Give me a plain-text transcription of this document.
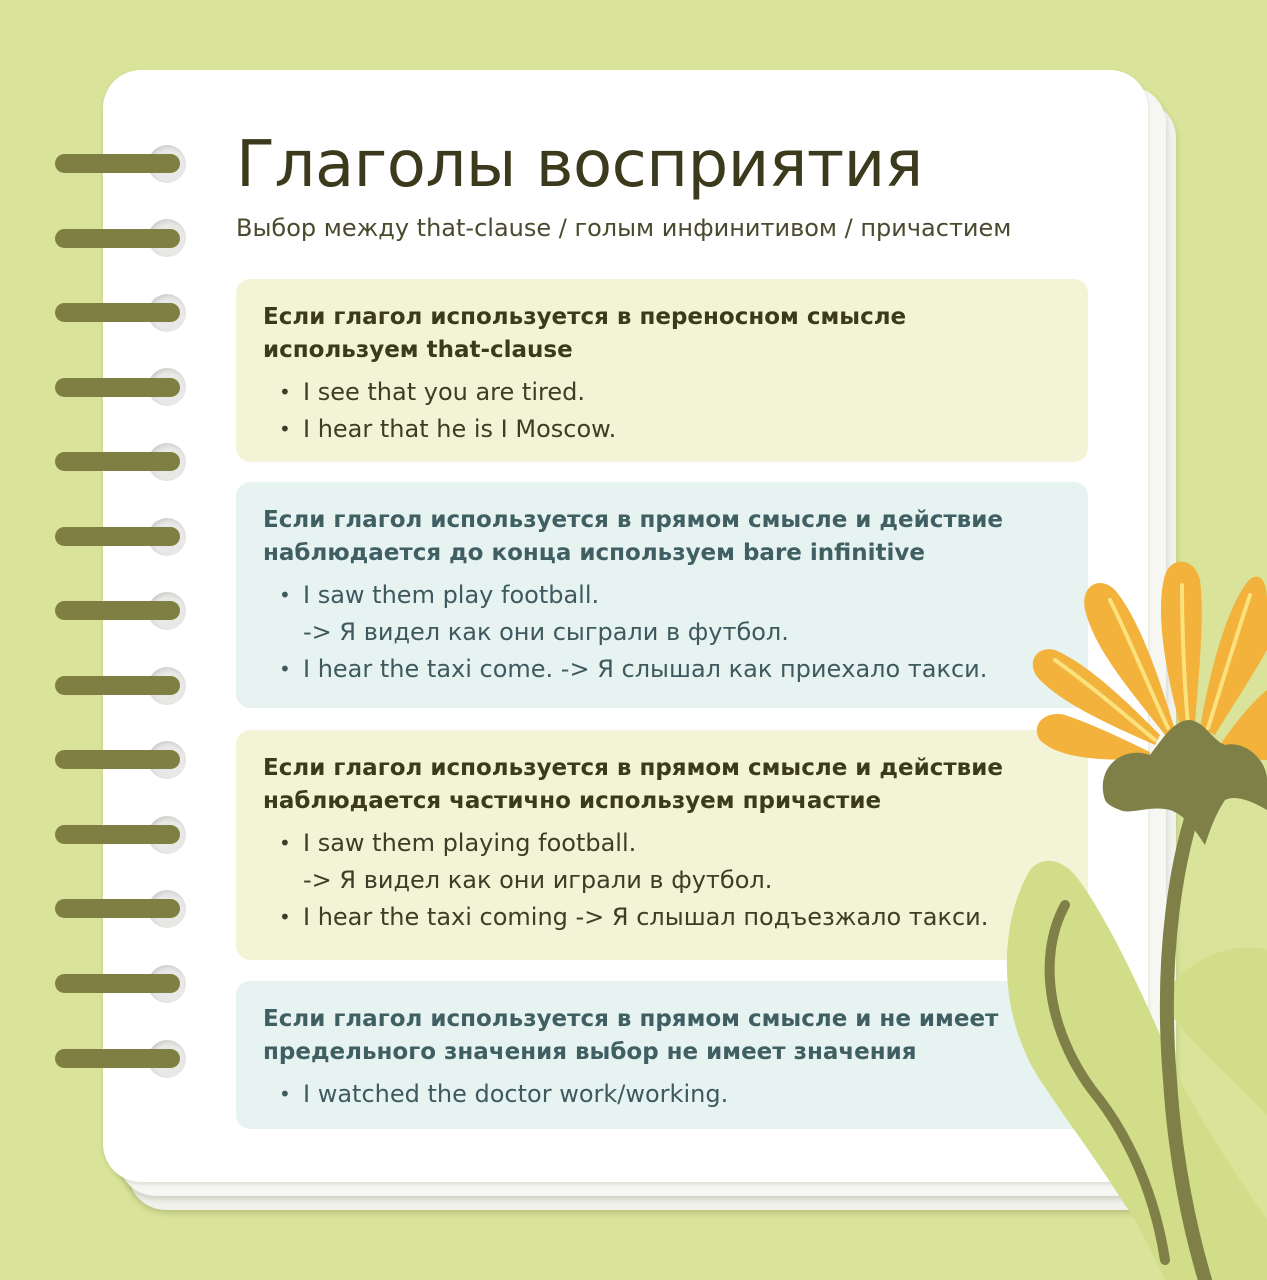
Глаголы восприятия

Выбор между that-clause / голым инфинитивом / причастием

Если глагол используется в переносном смысле
используем that-clause

• I see that you are tired.
• I hear that he is I Moscow.

Если глагол используется в прямом смысле и действие
наблюдается до конца используем bare infinitive

• I saw them play football.
-> Я видел как они сыграли в футбол.
• I hear the taxi come. -> Я слышал как приехало такси.

Если глагол используется в прямом смысле и действие
наблюдается частично используем причастие

• I saw them playing football.
-> Я видел как они играли в футбол.
• I hear the taxi coming -> Я слышал подъезжало такси.

Если глагол используется в прямом смысле и не имеет
предельного значения выбор не имеет значения

• I watched the doctor work/working.
